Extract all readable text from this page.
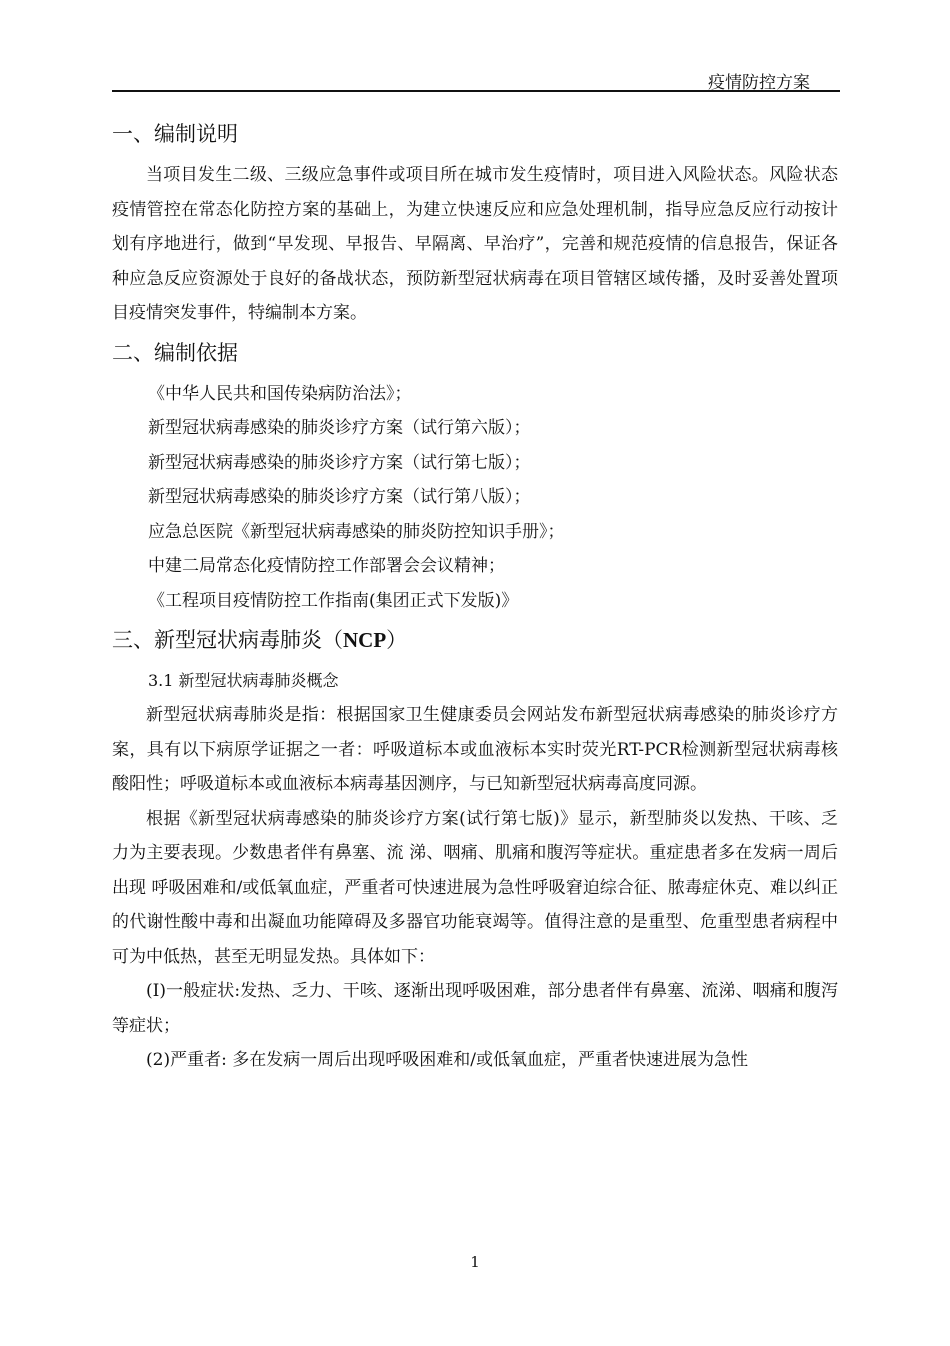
疫情防控方案
一、编制说明

当项目发生二级、三级应急事件或项目所在城市发生疫情时，项目进入风险状态。风险状态疫情管控在常态化防控方案的基础上，为建立快速反应和应急处理机制，指导应急反应行动按计划有序地进行，做到“早发现、早报告、早隔离、早治疗”，完善和规范疫情的信息报告，保证各种应急反应资源处于良好的备战状态，预防新型冠状病毒在项目管辖区域传播，及时妥善处置项目疫情突发事件，特编制本方案。

二、编制依据
《中华人民共和国传染病防治法》；
新型冠状病毒感染的肺炎诊疗方案（试行第六版）；
新型冠状病毒感染的肺炎诊疗方案（试行第七版）；
新型冠状病毒感染的肺炎诊疗方案（试行第八版）；
应急总医院《新型冠状病毒感染的肺炎防控知识手册》；
中建二局常态化疫情防控工作部署会会议精神；
《工程项目疫情防控工作指南(集团正式下发版)》
三、新型冠状病毒肺炎（NCP）
3.1 新型冠状病毒肺炎概念

新型冠状病毒肺炎是指：根据国家卫生健康委员会网站发布新型冠状病毒感染的肺炎诊疗方案，具有以下病原学证据之一者：呼吸道标本或血液标本实时荧光RT-PCR检测新型冠状病毒核酸阳性；呼吸道标本或血液标本病毒基因测序，与已知新型冠状病毒高度同源。

根据《新型冠状病毒感染的肺炎诊疗方案(试行第七版)》显示，新型肺炎以发热、干咳、乏力为主要表现。少数患者伴有鼻塞、流 涕、咽痛、肌痛和腹泻等症状。重症患者多在发病一周后出现 呼吸困难和/或低氧血症，严重者可快速进展为急性呼吸窘迫综合征、脓毒症休克、难以纠正的代谢性酸中毒和出凝血功能障碍及多器官功能衰竭等。值得注意的是重型、危重型患者病程中可为中低热，甚至无明显发热。具体如下：

(I)一般症状:发热、乏力、干咳、逐渐出现呼吸困难，部分患者伴有鼻塞、流涕、咽痛和腹泻等症状；

(2)严重者: 多在发病一周后出现呼吸困难和/或低氧血症，严重者快速进展为急性

1
